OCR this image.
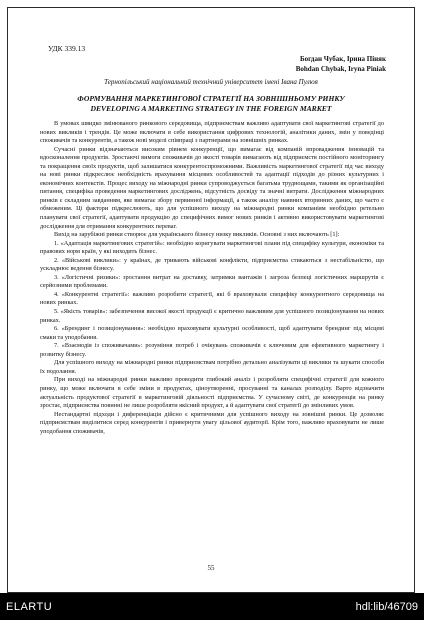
УДК 339.13
Богдан Чубак, Ірина Піняк
Bohdan Chybak, Iryna Piniak
Тернопільський національний технічний університет імені Івана Пулюя
ФОРМУВАННЯ МАРКЕТИНГОВОЇ СТРАТЕГІЇ НА ЗОВНІШНЬОМУ РИНКУ
DEVELOPING A MARKETING STRATEGY IN THE FOREIGN MARKET

В умовах швидко змінюваного ринкового середовища, підприємствам важливо адаптувати свої маркетингові стратегії до нових викликів і трендів. Це може включати в себе використання цифрових технологій, аналітики даних, змін у поведінці споживачів та конкурентів, а також нові моделі співпраці з партнерами на зовнішніх ринках.

Сучасні ринки відзначаються високим рівнем конкуренції, що вимагає від компаній впровадження інновацій та вдосконалення продуктів. Зростаючі вимоги споживачів до якості товарів вимагають від підприємств постійного моніторингу та покращення своїх продуктів, щоб залишатися конкурентоспроможними. Важливість маркетингової стратегії під час виходу на нові ринки підкреслює необхідність врахування місцевих особливостей та адаптації підходів до різних культурних і економічних контекстів. Процес виходу на міжнародні ринки супроводжується багатьма труднощами, такими як організаційні питання, специфіка проведення маркетингових досліджень, відсутність досвіду та значні витрати. Дослідження міжнародних ринків є складним завданням, яке вимагає збору первинної інформації, а також аналізу наявних вторинних даних, що часто є обмеженим. Ці фактори підкреслюють, що для успішного виходу на міжнародні ринки компаніям необхідно ретельно планувати свої стратегії, адаптувати продукцію до специфічних вимог нових ринків і активно використовувати маркетингові дослідження для отримання конкурентних переваг.

Вихід на зарубіжні ринки створює для українського бізнесу низку викликів. Основні з них включають [1]:

1. «Адаптація маркетингових стратегій»: необхідно коригувати маркетингові плани під специфіку культури, економіки та правових норм країн, у які виходить бізнес.

2. «Військові виклики»: у країнах, де тривають військові конфлікти, підприємства стикаються з нестабільністю, що ускладнює ведення бізнесу.

3. «Логістичні ризики»: зростання витрат на доставку, затримки вантажів і загроза безпеці логістичних маршрутів є серйозними проблемами.

4. «Конкурентні стратегії»: важливо розробити стратегії, які б враховували специфіку конкурентного середовища на нових ринках.

5. «Якість товарів»: забезпечення високої якості продукції є критично важливим для успішного позиціонування на нових ринках.

6. «Брендинг і позиціонування»: необхідно враховувати культурні особливості, щоб адаптувати брендинг під місцеві смаки та уподобання.

7. «Взаємодія із споживачами»: розуміння потреб і очікувань споживачів є ключовим для ефективного маркетингу і розвитку бізнесу.

Для успішного виходу на міжнародні ринки підприємствам потрібно детально аналізувати ці виклики та шукати способи їх подолання.

При виході на міжнародні ринки важливо проводити глибокий аналіз і розробляти специфічні стратегії для кожного ринку, що може включати в себе зміни в продуктах, ціноутворенні, просуванні та каналах розподілу. Варто відзначити актуальність продуктової стратегії в маркетинговій діяльності підприємства. У сучасному світі, де конкуренція на ринку зростає, підприємства повинні не лише розробляти якісний продукт, а й адаптувати свої стратегії до змінливих умов.

Нестандартні підходи і диференціація дійсно є критичними для успішного виходу на зовнішні ринки. Це дозволяє підприємствам виділитися серед конкурентів і привернути увагу цільової аудиторії. Крім того, важливо враховувати не лише уподобання споживачів,

55
ELARTU	hdl:lib/46709
